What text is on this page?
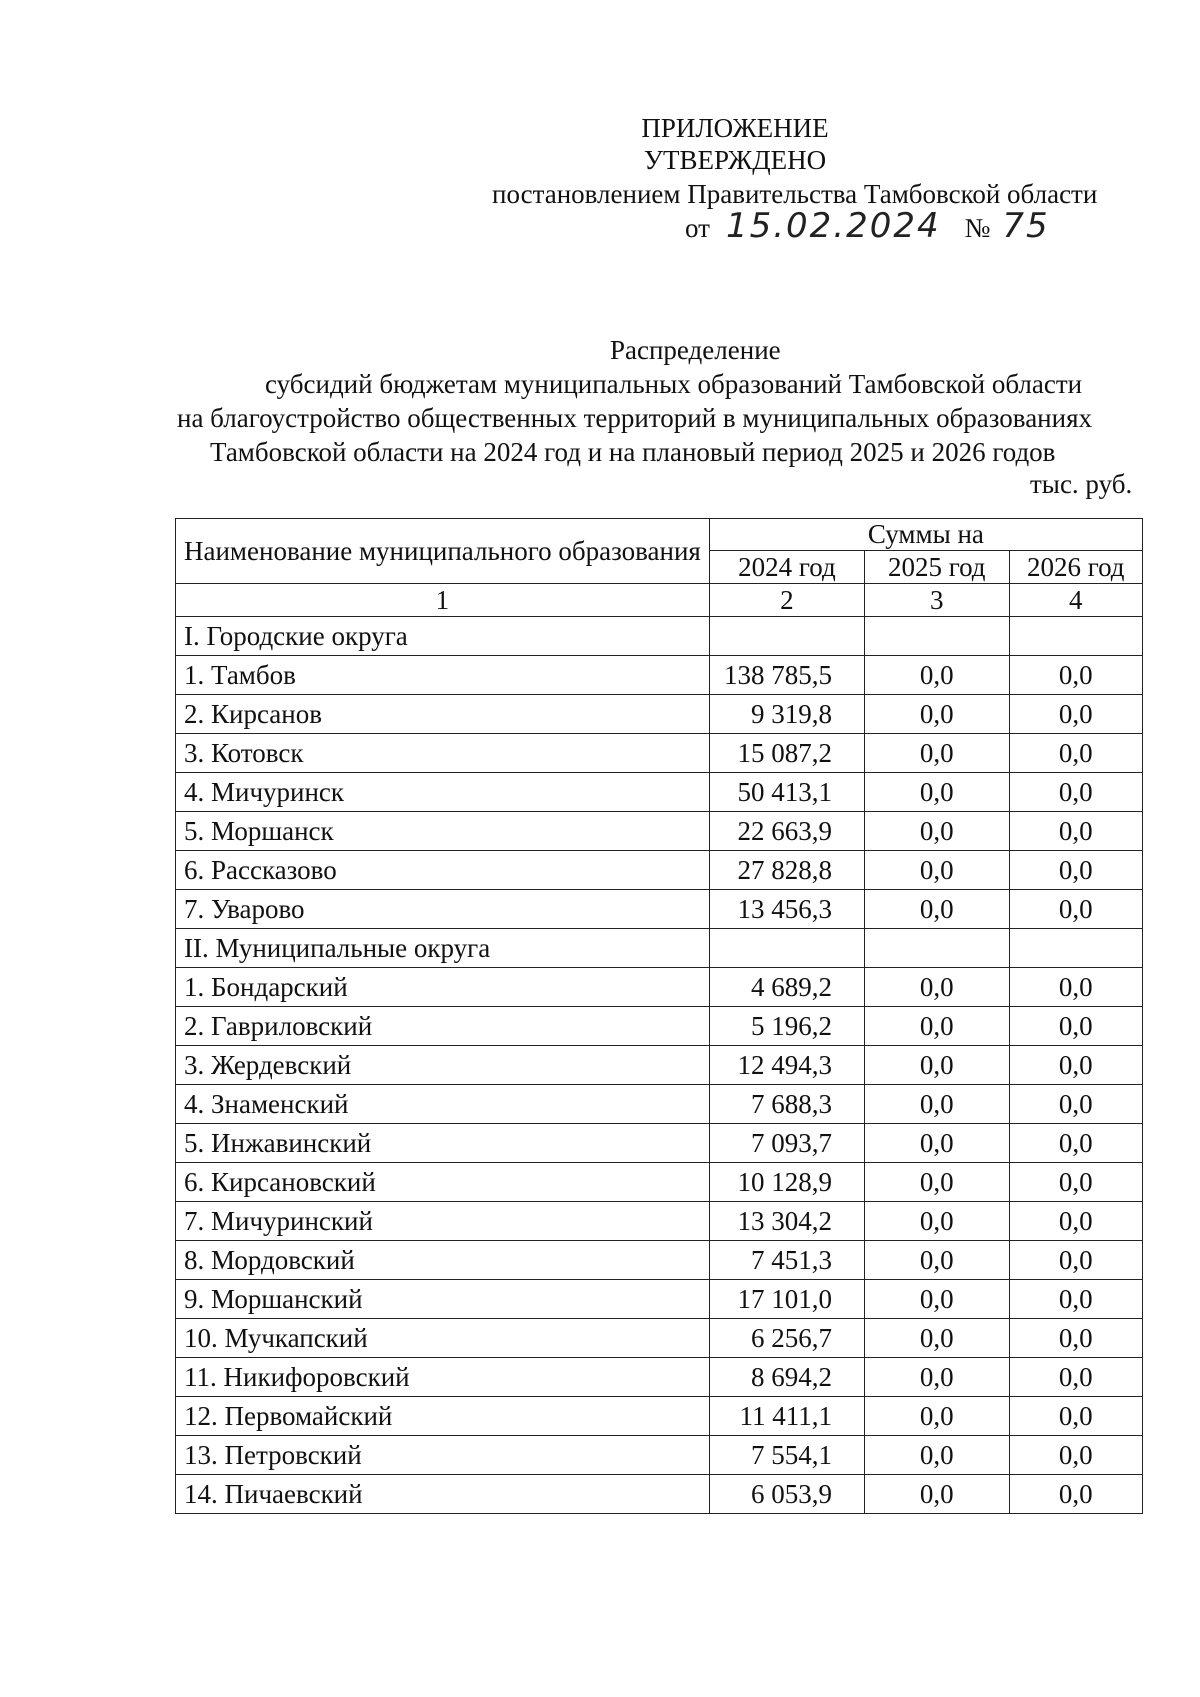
ПРИЛОЖЕНИЕ
УТВЕРЖДЕНО
постановлением Правительства Тамбовской области
от 15.02.2024 № 75
Распределение
субсидий бюджетам муниципальных образований Тамбовской области
на благоустройство общественных территорий в муниципальных образованиях
Тамбовской области на 2024 год и на плановый период 2025 и 2026 годов
тыс. руб.
Наименование муниципального образования	Суммы на		
	2024 год	2025 год	2026 год
1	2	3	4
I. Городские округа			
1. Тамбов	138 785,5	0,0	0,0
2. Кирсанов	9 319,8	0,0	0,0
3. Котовск	15 087,2	0,0	0,0
4. Мичуринск	50 413,1	0,0	0,0
5. Моршанск	22 663,9	0,0	0,0
6. Рассказово	27 828,8	0,0	0,0
7. Уварово	13 456,3	0,0	0,0
II. Муниципальные округа			
1. Бондарский	4 689,2	0,0	0,0
2. Гавриловский	5 196,2	0,0	0,0
3. Жердевский	12 494,3	0,0	0,0
4. Знаменский	7 688,3	0,0	0,0
5. Инжавинский	7 093,7	0,0	0,0
6. Кирсановский	10 128,9	0,0	0,0
7. Мичуринский	13 304,2	0,0	0,0
8. Мордовский	7 451,3	0,0	0,0
9. Моршанский	17 101,0	0,0	0,0
10. Мучкапский	6 256,7	0,0	0,0
11. Никифоровский	8 694,2	0,0	0,0
12. Первомайский	11 411,1	0,0	0,0
13. Петровский	7 554,1	0,0	0,0
14. Пичаевский	6 053,9	0,0	0,0
